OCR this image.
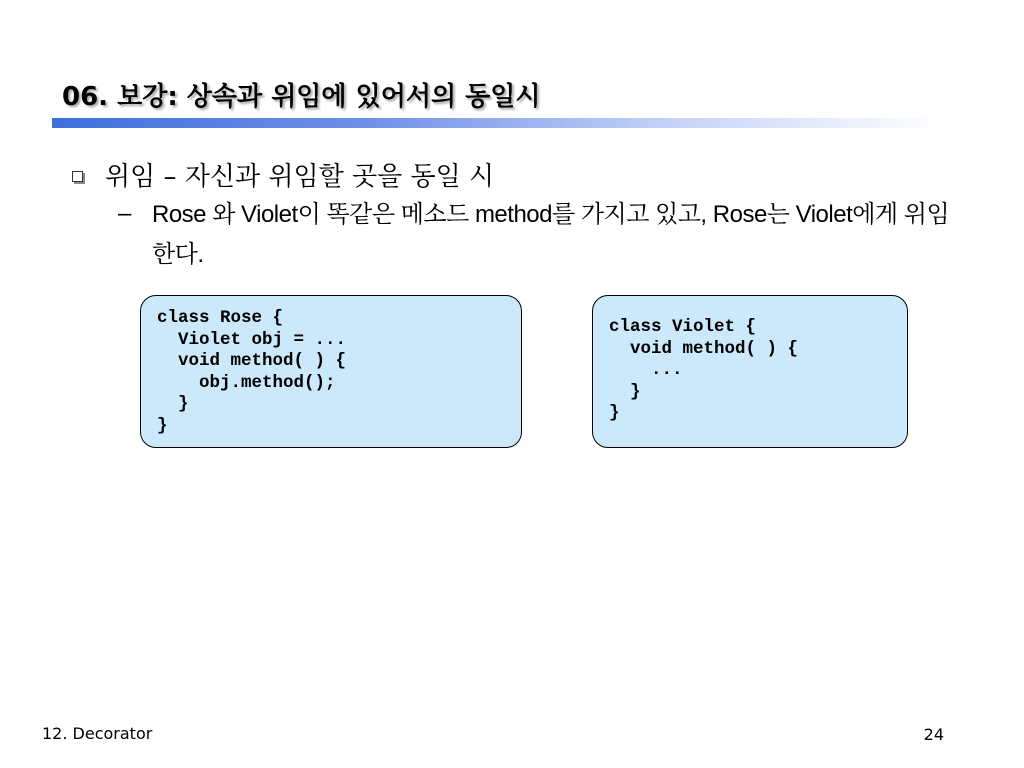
06. 보강: 상속과 위임에 있어서의 동일시
위임 – 자신과 위임할 곳을 동일 시
– Rose 와 Violet이 똑같은 메소드 method를 가지고 있고, Rose는 Violet에게 위임한다.
class Rose {
Violet obj = ...
void method( ) {
obj.method();
}
}
class Violet {
void method( ) {
...
}
}
12. Decorator	24
